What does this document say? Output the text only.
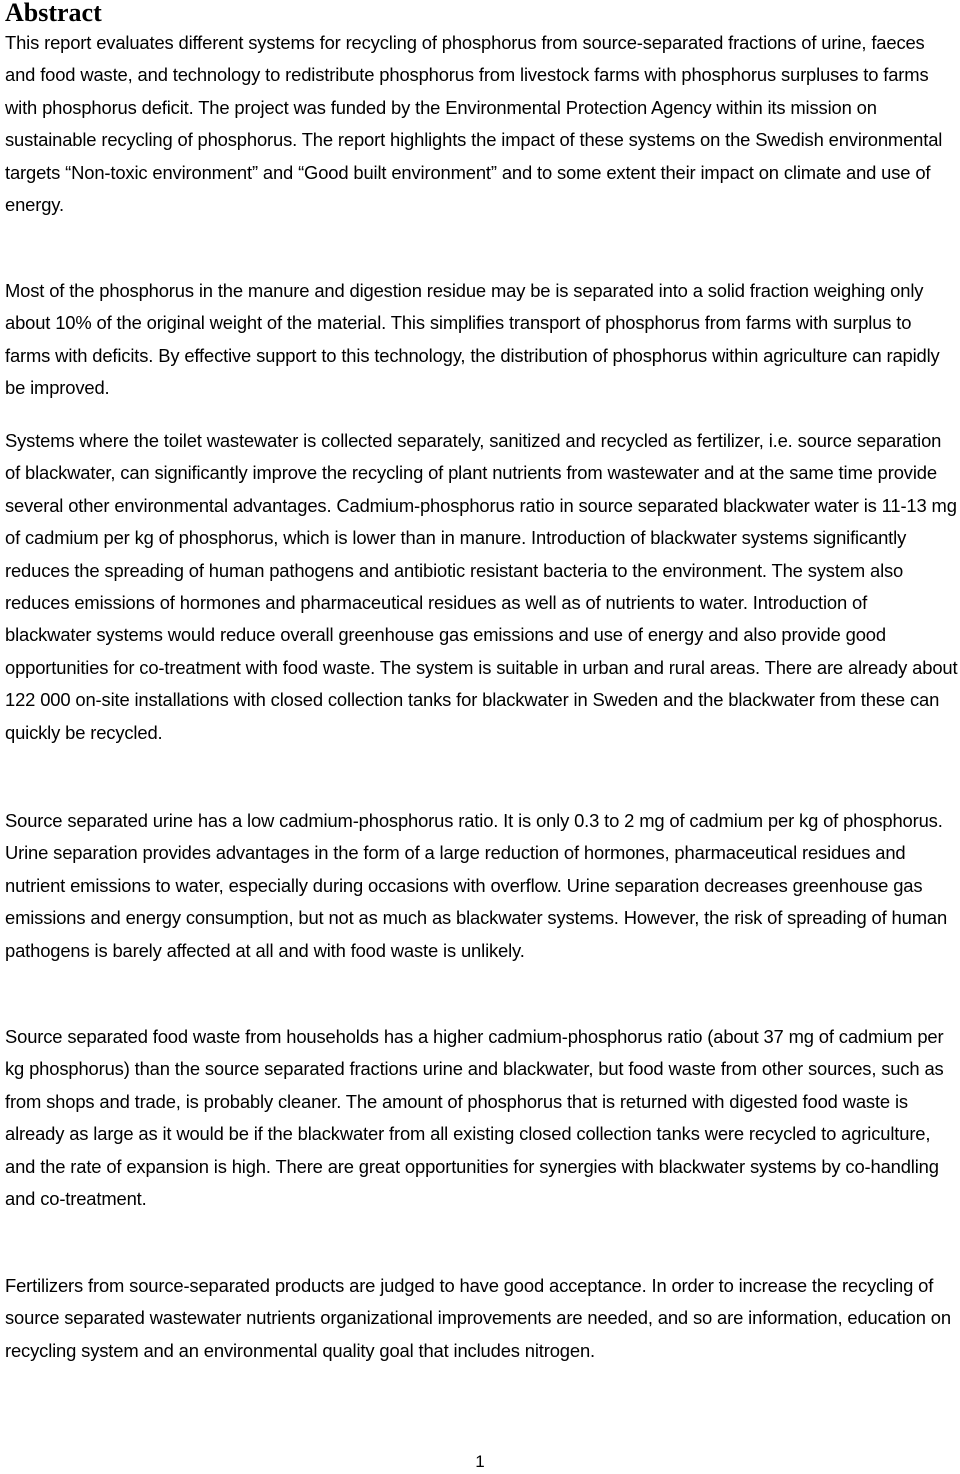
Abstract

This report evaluates different systems for recycling of phosphorus from source-separated fractions of urine, faeces and food waste, and technology to redistribute phosphorus from livestock farms with phosphorus surpluses to farms with phosphorus deficit. The project was funded by the Environmental Protection Agency within its mission on sustainable recycling of phosphorus. The report highlights the impact of these systems on the Swedish environmental targets “Non-toxic environment” and “Good built environment” and to some extent their impact on climate and use of energy.

Most of the phosphorus in the manure and digestion residue may be is separated into a solid fraction weighing only about 10% of the original weight of the material. This simplifies transport of phosphorus from farms with surplus to farms with deficits. By effective support to this technology, the distribution of phosphorus within agriculture can rapidly be improved.

Systems where the toilet wastewater is collected separately, sanitized and recycled as fertilizer, i.e. source separation of blackwater, can significantly improve the recycling of plant nutrients from wastewater and at the same time provide several other environmental advantages. Cadmium-phosphorus ratio in source separated blackwater water is 11-13 mg of cadmium per kg of phosphorus, which is lower than in manure. Introduction of blackwater systems significantly reduces the spreading of human pathogens and antibiotic resistant bacteria to the environment. The system also reduces emissions of hormones and pharmaceutical residues as well as of nutrients to water. Introduction of blackwater systems would reduce overall greenhouse gas emissions and use of energy and also provide good opportunities for co-treatment with food waste. The system is suitable in urban and rural areas. There are already about 122 000 on-site installations with closed collection tanks for blackwater in Sweden and the blackwater from these can quickly be recycled.

Source separated urine has a low cadmium-phosphorus ratio. It is only 0.3 to 2 mg of cadmium per kg of phosphorus. Urine separation provides advantages in the form of a large reduction of hormones, pharmaceutical residues and nutrient emissions to water, especially during occasions with overflow. Urine separation decreases greenhouse gas emissions and energy consumption, but not as much as blackwater systems. However, the risk of spreading of human pathogens is barely affected at all and with food waste is unlikely.

Source separated food waste from households has a higher cadmium-phosphorus ratio (about 37 mg of cadmium per kg phosphorus) than the source separated fractions urine and blackwater, but food waste from other sources, such as from shops and trade, is probably cleaner. The amount of phosphorus that is returned with digested food waste is already as large as it would be if the blackwater from all existing closed collection tanks were recycled to agriculture, and the rate of expansion is high. There are great opportunities for synergies with blackwater systems by co-handling and co-treatment.

Fertilizers from source-separated products are judged to have good acceptance. In order to increase the recycling of source separated wastewater nutrients organizational improvements are needed, and so are information, education on recycling system and an environmental quality goal that includes nitrogen.

1
